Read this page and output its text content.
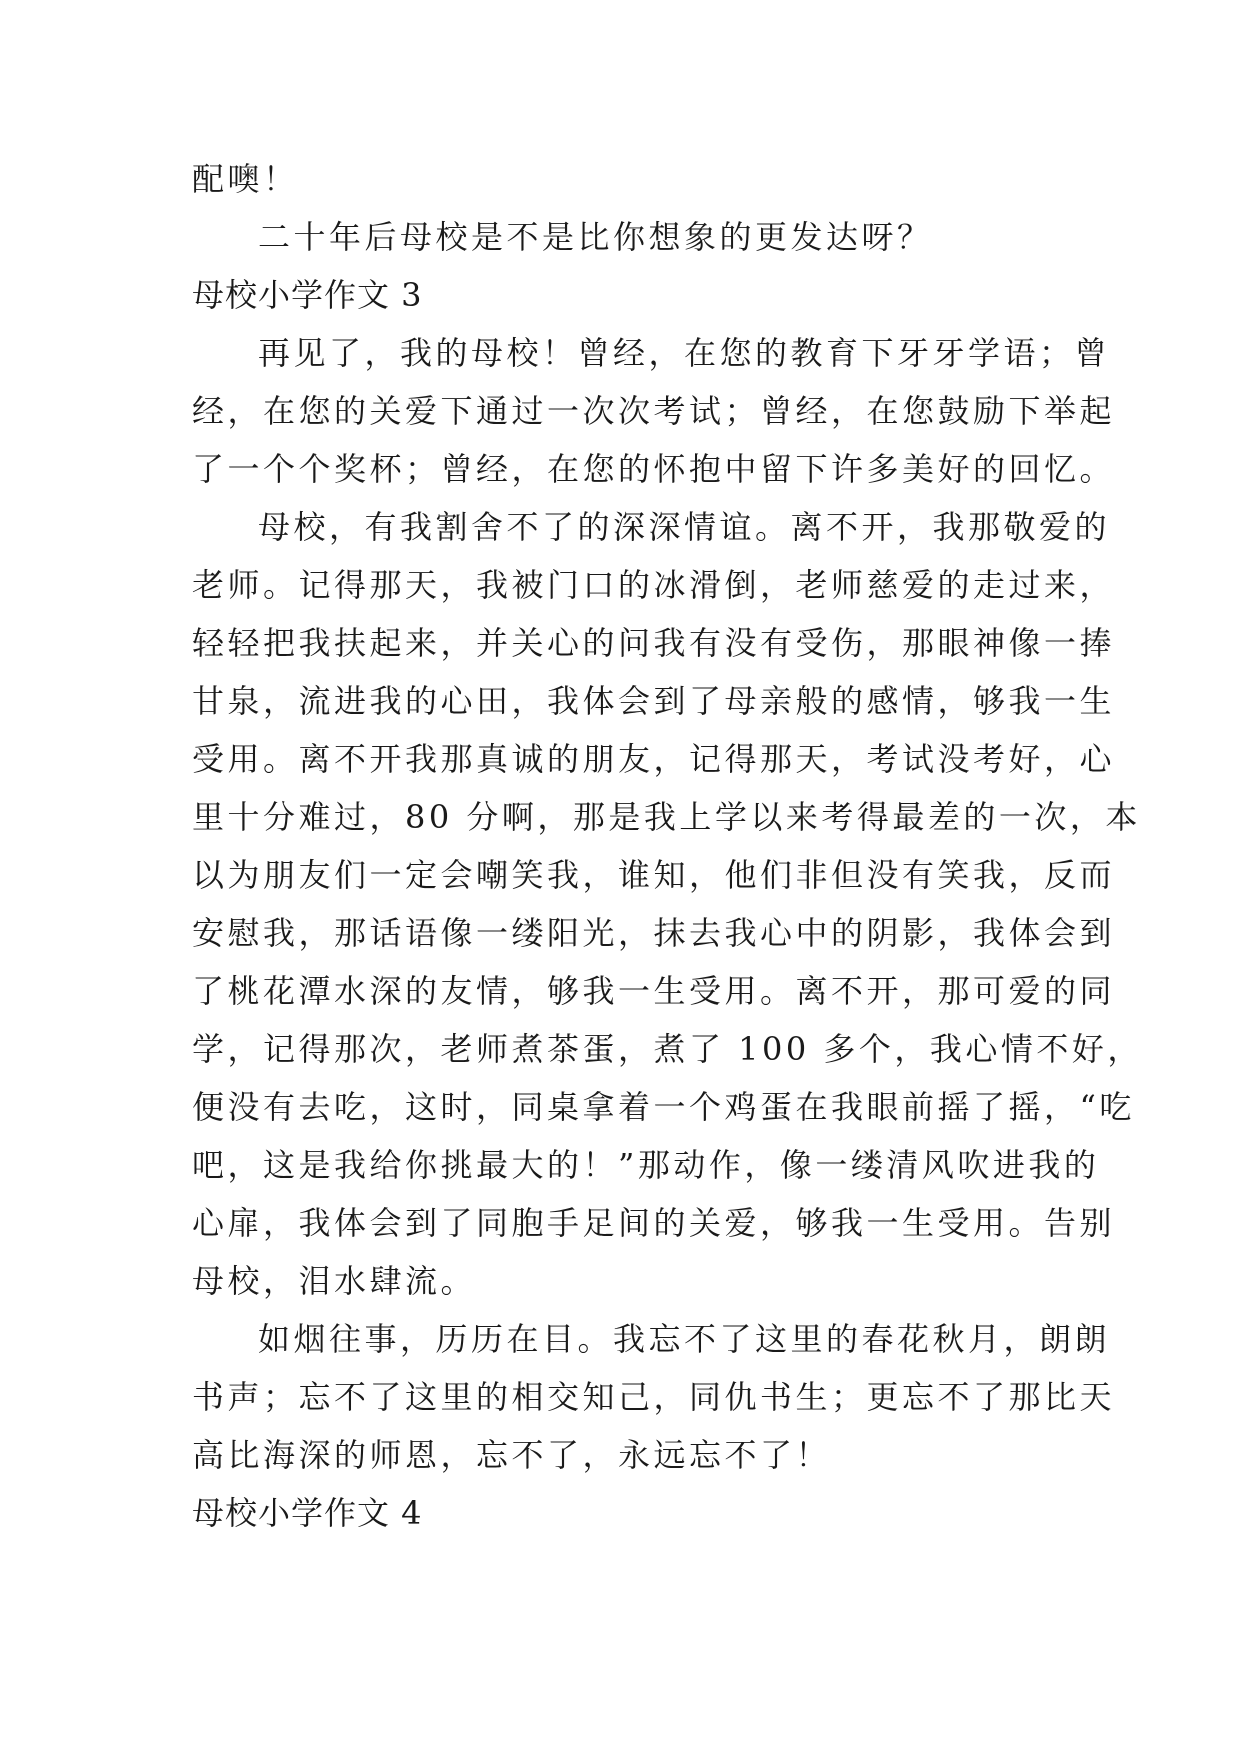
配噢！
二十年后母校是不是比你想象的更发达呀？
母校小学作文 3
再见了，我的母校！曾经，在您的教育下牙牙学语；曾
经，在您的关爱下通过一次次考试；曾经，在您鼓励下举起
了一个个奖杯；曾经，在您的怀抱中留下许多美好的回忆。
母校，有我割舍不了的深深情谊。离不开，我那敬爱的
老师。记得那天，我被门口的冰滑倒，老师慈爱的走过来，
轻轻把我扶起来，并关心的问我有没有受伤，那眼神像一捧
甘泉，流进我的心田，我体会到了母亲般的感情，够我一生
受用。离不开我那真诚的朋友，记得那天，考试没考好，心
里十分难过，80 分啊，那是我上学以来考得最差的一次，本
以为朋友们一定会嘲笑我，谁知，他们非但没有笑我，反而
安慰我，那话语像一缕阳光，抹去我心中的阴影，我体会到
了桃花潭水深的友情，够我一生受用。离不开，那可爱的同
学，记得那次，老师煮茶蛋，煮了 100 多个，我心情不好，
便没有去吃，这时，同桌拿着一个鸡蛋在我眼前摇了摇，“吃
吧，这是我给你挑最大的！”那动作，像一缕清风吹进我的
心扉，我体会到了同胞手足间的关爱，够我一生受用。告别
母校，泪水肆流。
如烟往事，历历在目。我忘不了这里的春花秋月，朗朗
书声；忘不了这里的相交知己，同仇书生；更忘不了那比天
高比海深的师恩，忘不了，永远忘不了！
母校小学作文 4
